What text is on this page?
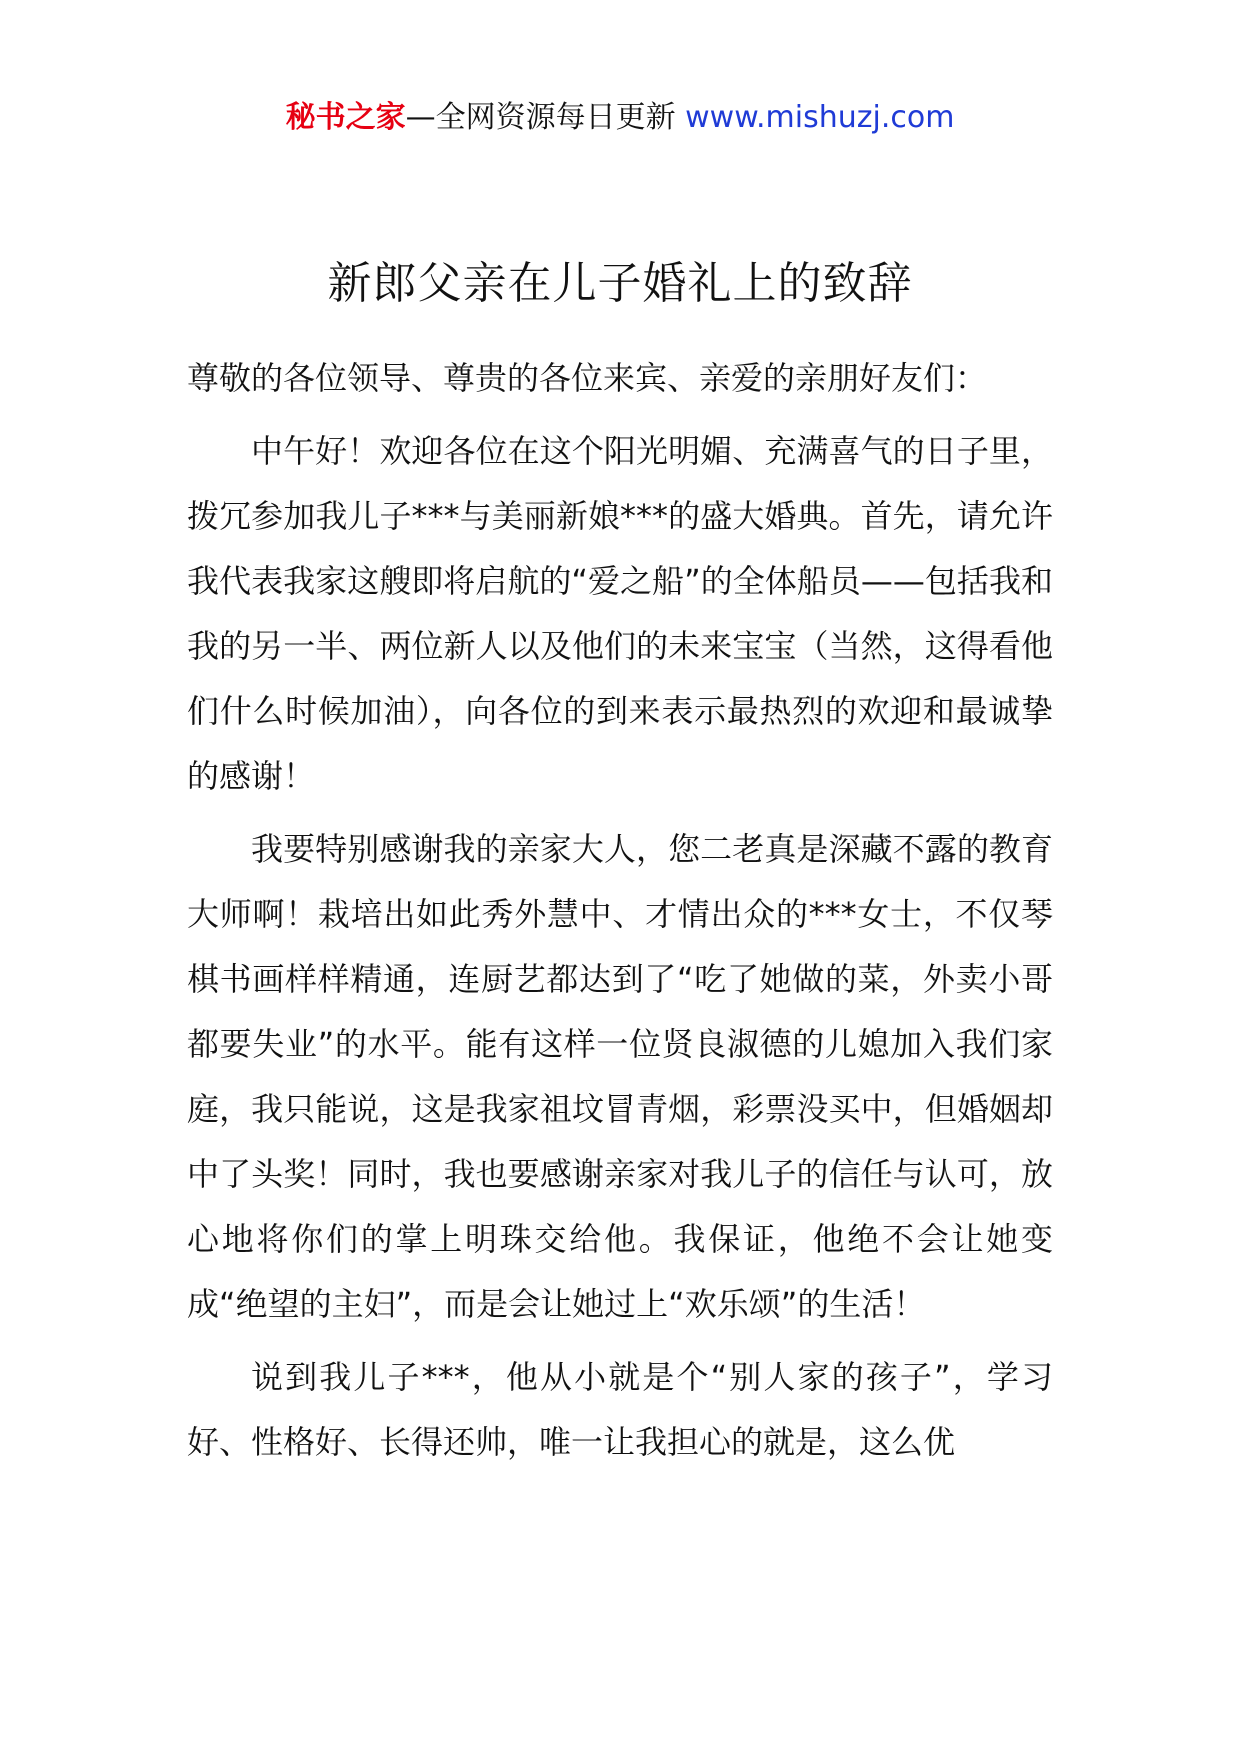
秘书之家—全网资源每日更新 www.mishuzj.com
新郎父亲在儿子婚礼上的致辞

尊敬的各位领导、尊贵的各位来宾、亲爱的亲朋好友们：

中午好！欢迎各位在这个阳光明媚、充满喜气的日子里，拨冗参加我儿子***与美丽新娘***的盛大婚典。首先，请允许我代表我家这艘即将启航的“爱之船”的全体船员——包括我和我的另一半、两位新人以及他们的未来宝宝（当然，这得看他们什么时候加油），向各位的到来表示最热烈的欢迎和最诚挚的感谢！

我要特别感谢我的亲家大人，您二老真是深藏不露的教育大师啊！栽培出如此秀外慧中、才情出众的***女士，不仅琴棋书画样样精通，连厨艺都达到了“吃了她做的菜，外卖小哥都要失业”的水平。能有这样一位贤良淑德的儿媳加入我们家庭，我只能说，这是我家祖坟冒青烟，彩票没买中，但婚姻却中了头奖！同时，我也要感谢亲家对我儿子的信任与认可，放心地将你们的掌上明珠交给他。我保证，他绝不会让她变成“绝望的主妇”，而是会让她过上“欢乐颂”的生活！

说到我儿子***，他从小就是个“别人家的孩子”，学习好、性格好、长得还帅，唯一让我担心的就是，这么优
